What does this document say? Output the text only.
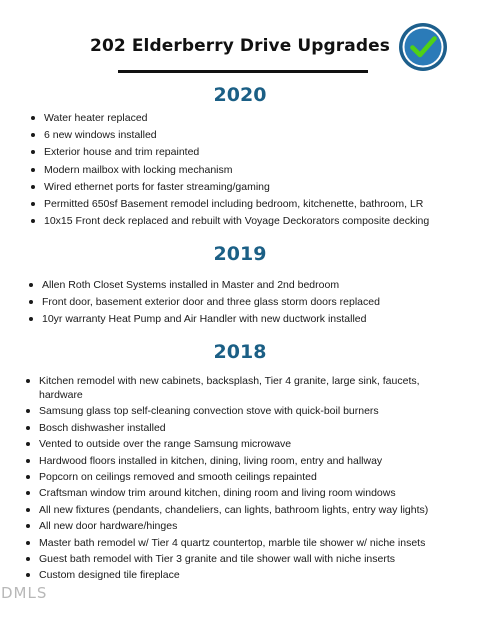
202 Elderberry Drive Upgrades
2020
Water heater replaced
6 new windows installed
Exterior house and trim repainted
Modern mailbox with locking mechanism
Wired ethernet ports for faster streaming/gaming
Permitted 650sf Basement remodel including bedroom, kitchenette, bathroom, LR
10x15 Front deck replaced and rebuilt with Voyage Deckorators composite decking
2019
Allen Roth Closet Systems installed in Master and 2nd bedroom
Front door, basement exterior door and three glass storm doors replaced
10yr warranty Heat Pump and Air Handler with new ductwork installed
2018
Kitchen remodel with new cabinets, backsplash, Tier 4 granite, large sink, faucets, hardware
Samsung glass top self-cleaning convection stove with quick-boil burners
Bosch dishwasher installed
Vented to outside over the range Samsung microwave
Hardwood floors installed in kitchen, dining, living room, entry and hallway
Popcorn on ceilings removed and smooth ceilings repainted
Craftsman window trim around kitchen, dining room and living room windows
All new fixtures (pendants, chandeliers, can lights, bathroom lights, entry way lights)
All new door hardware/hinges
Master bath remodel w/ Tier 4 quartz countertop, marble tile shower w/ niche insets
Guest bath remodel with Tier 3 granite and tile shower wall with niche inserts
Custom designed tile fireplace
DMLS
